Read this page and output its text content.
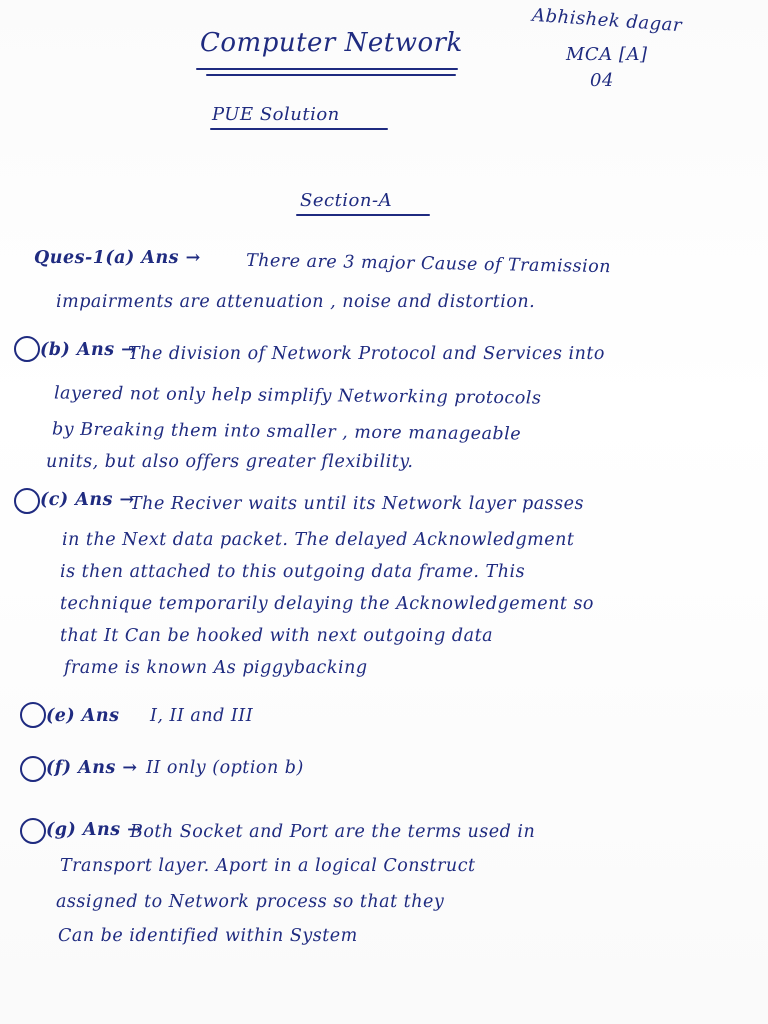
Computer Network
Abhishek dagar
MCA [A]
04
PUE Solution
Section-A
Ques-1(a) Ans →	There are 3 major Cause of Tramission
impairments are attenuation , noise and distortion.
(b) Ans →
The division of Network Protocol and Services into
layered not only help simplify Networking protocols
by Breaking them into smaller , more manageable
units, but also offers greater flexibility.
(c) Ans →
The Reciver waits until its Network layer passes
in the Next data packet. The delayed Acknowledgment
is then attached to this outgoing data frame. This
technique temporarily delaying the Acknowledgement so
that It Can be hooked with next outgoing data
frame is known As piggybacking
(e) Ans I, II and III
(f) Ans → II only (option b)
(g) Ans →
Both Socket and Port are the terms used in
Transport layer. Aport in a logical Construct
assigned to Network process so that they
Can be identified within System
